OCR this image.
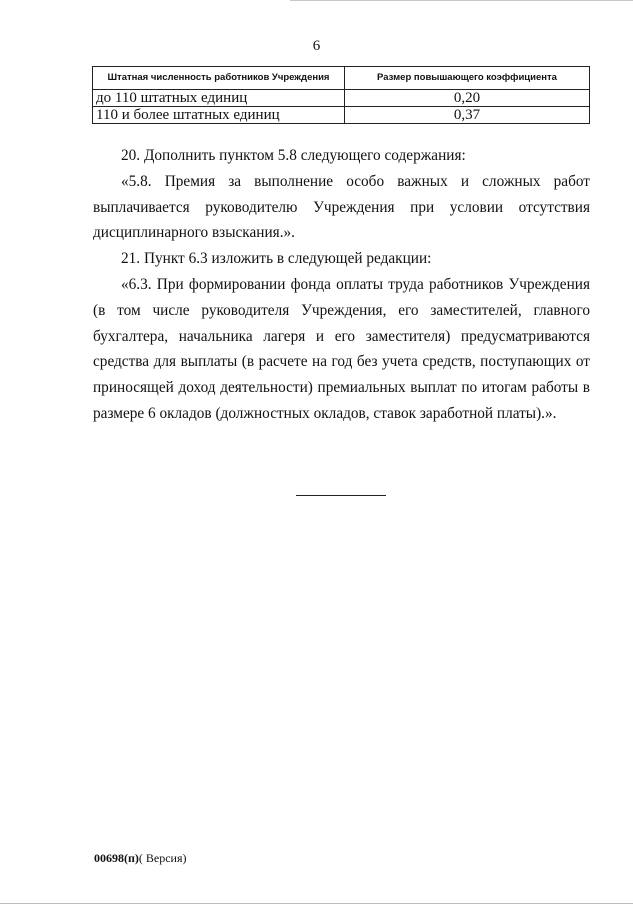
6
Штатная численность работников Учреждения	Размер повышающего коэффициента
до 110 штатных единиц	0,20
110 и более штатных единиц	0,37

20. Дополнить пунктом 5.8 следующего содержания:

«5.8. Премия за выполнение особо важных и сложных работ выплачивается руководителю Учреждения при условии отсутствия дисциплинарного взыскания.».

21. Пункт 6.3 изложить в следующей редакции:

«6.3. При формировании фонда оплаты труда работников Учреждения (в том числе руководителя Учреждения, его заместителей, главного бухгалтера, начальника лагеря и его заместителя) предусматриваются средства для выплаты (в расчете на год без учета средств, поступающих от приносящей доход деятельности) премиальных выплат по итогам работы в размере 6 окладов (должностных окладов, ставок заработной платы).».

00698(п)( Версия)
